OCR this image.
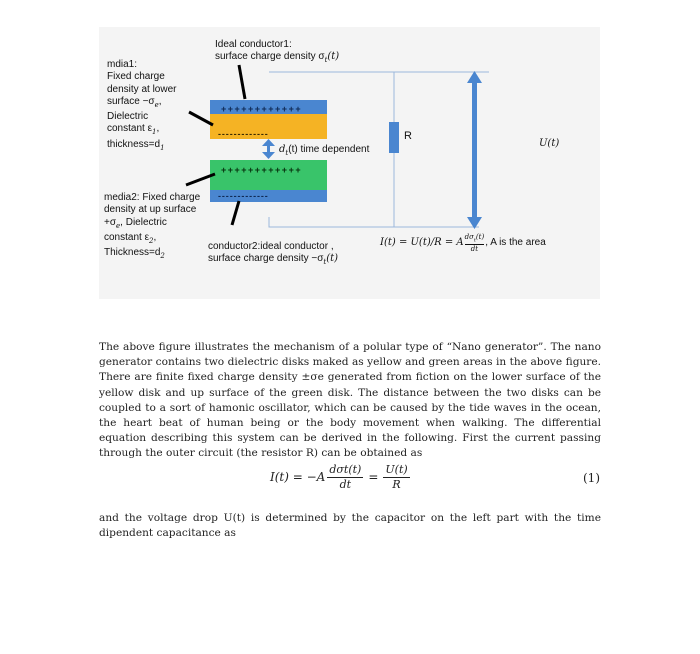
+ + + + + + + + + + + +
- - - - - - - - - - - - -
+ + + + + + + + + + + +
- - - - - - - - - - - - -
Ideal conductor1:
surface charge density $\sigma_t(t)$
mdia1:
Fixed charge
density at lower
surface $-\sigma_e$,
Dielectric
constant $\varepsilon_1$,
$thickness=d_1$	$d_t(t)$ time dependent
R
U(t)
media2: Fixed charge
density at up surface
$+\sigma_e$, Dielectric
constant $\varepsilon_2$,
$Thickness=d_2$
conductor2:ideal conductor ,
surface charge density $-\sigma_t(t)$
I(t) = U(t)/R = A
$d\sigma_t(t)$
dt
, A is the area
The above figure illustrates the mechanism of a polular type of “Nano generator”. The nano generator contains two dielectric disks maked as yellow and green areas in the above figure. There are finite fixed charge density ±σe generated from fiction on the lower surface of the yellow disk and up surface of the green disk. The distance between the two disks can be coupled to a sort of hamonic oscillator, which can be caused by the tide waves in the ocean, the heart beat of human being or the body movement when walking. The differential equation describing this system can be derived in the following. First the current passing through the outer circuit (the resistor R) can be obtained as
$I(t) = -A \frac{\text{dσt(t)}}{dt} = \frac{U(t)}{R}$	(1)
and the voltage drop U(t) is determined by the capacitor on the left part with the time dipendent capacitance as
